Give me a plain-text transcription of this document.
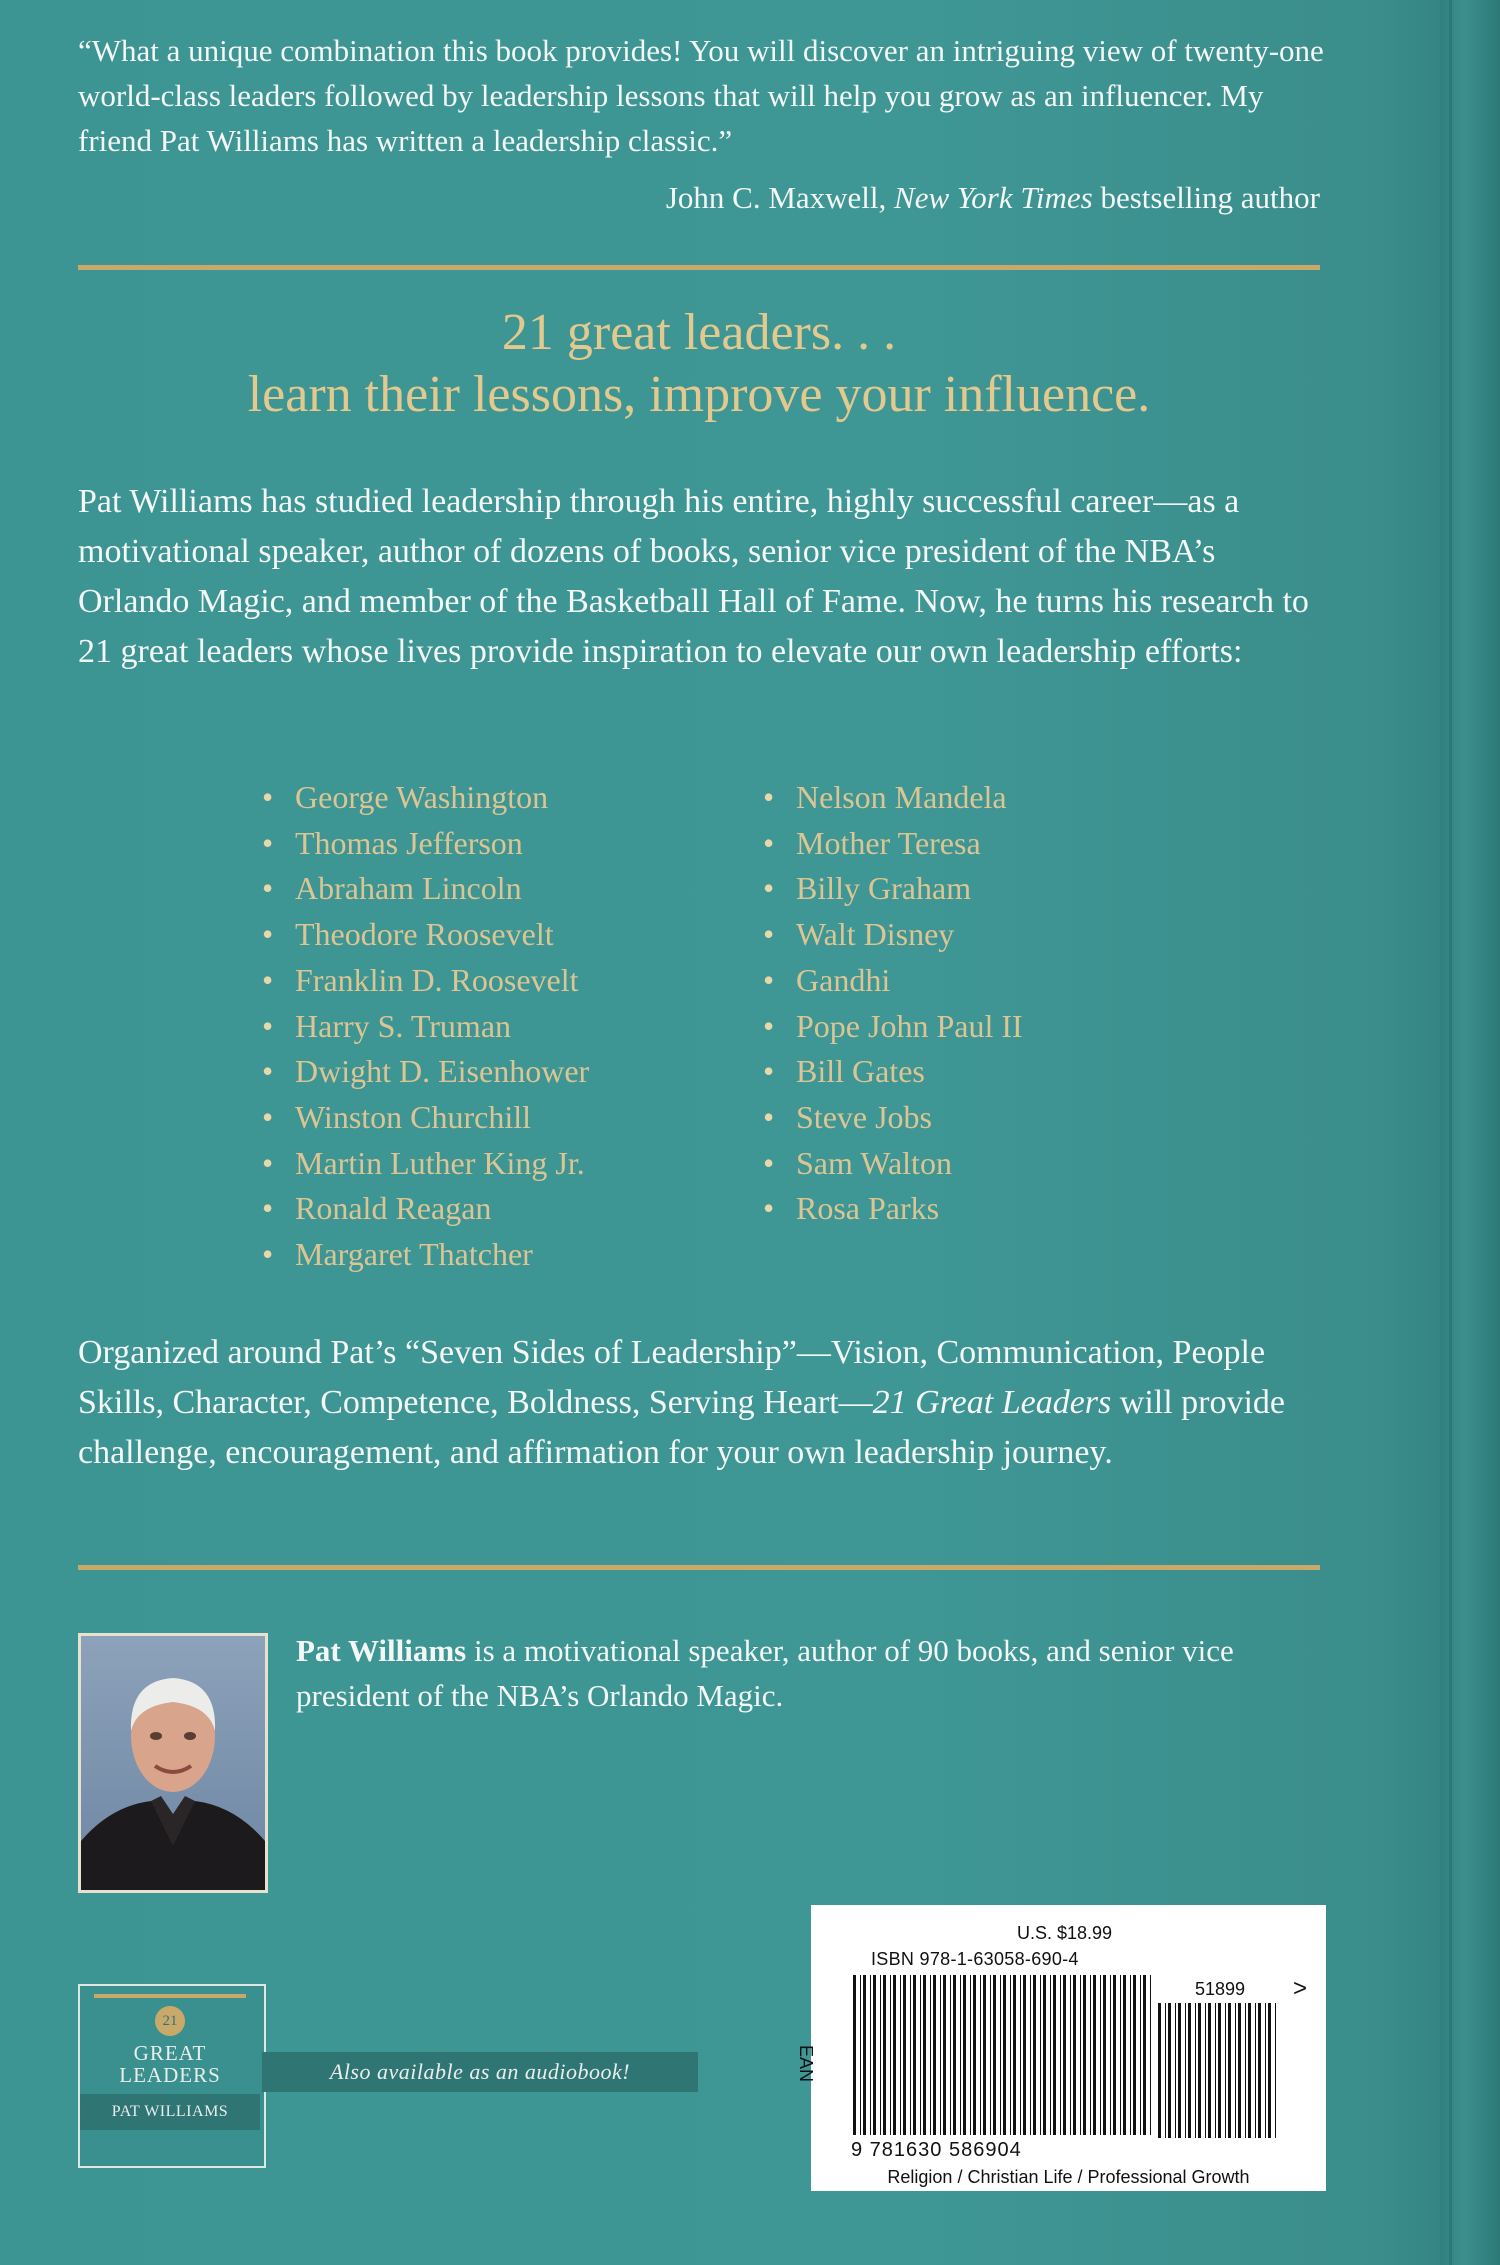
“What a unique combination this book provides! You will discover an intriguing view of twenty-one world-class leaders followed by leadership lessons that will help you grow as an influencer. My friend Pat Williams has written a leadership classic.”
John C. Maxwell, New York Times bestselling author
21 great leaders. . .
learn their lessons, improve your influence.
Pat Williams has studied leadership through his entire, highly successful career—as a motivational speaker, author of dozens of books, senior vice president of the NBA’s Orlando Magic, and member of the Basketball Hall of Fame. Now, he turns his research to 21 great leaders whose lives provide inspiration to elevate our own leadership efforts:
• George Washington
• Thomas Jefferson
• Abraham Lincoln
• Theodore Roosevelt
• Franklin D. Roosevelt
• Harry S. Truman
• Dwight D. Eisenhower
• Winston Churchill
• Martin Luther King Jr.
• Ronald Reagan
• Margaret Thatcher
• Nelson Mandela
• Mother Teresa
• Billy Graham
• Walt Disney
• Gandhi
• Pope John Paul II
• Bill Gates
• Steve Jobs
• Sam Walton
• Rosa Parks
Organized around Pat’s “Seven Sides of Leadership”—Vision, Communication, People Skills, Character, Competence, Boldness, Serving Heart—21 Great Leaders will provide challenge, encouragement, and affirmation for your own leadership journey.
Pat Williams is a motivational speaker, author of 90 books, and senior vice president of the NBA’s Orlando Magic.
21
GREAT
LEADERS
PAT WILLIAMS
Also available as an audiobook!
U.S. $18.99
ISBN 978-1-63058-690-4
EAN
51899 >
9 781630 586904
Religion / Christian Life / Professional Growth
